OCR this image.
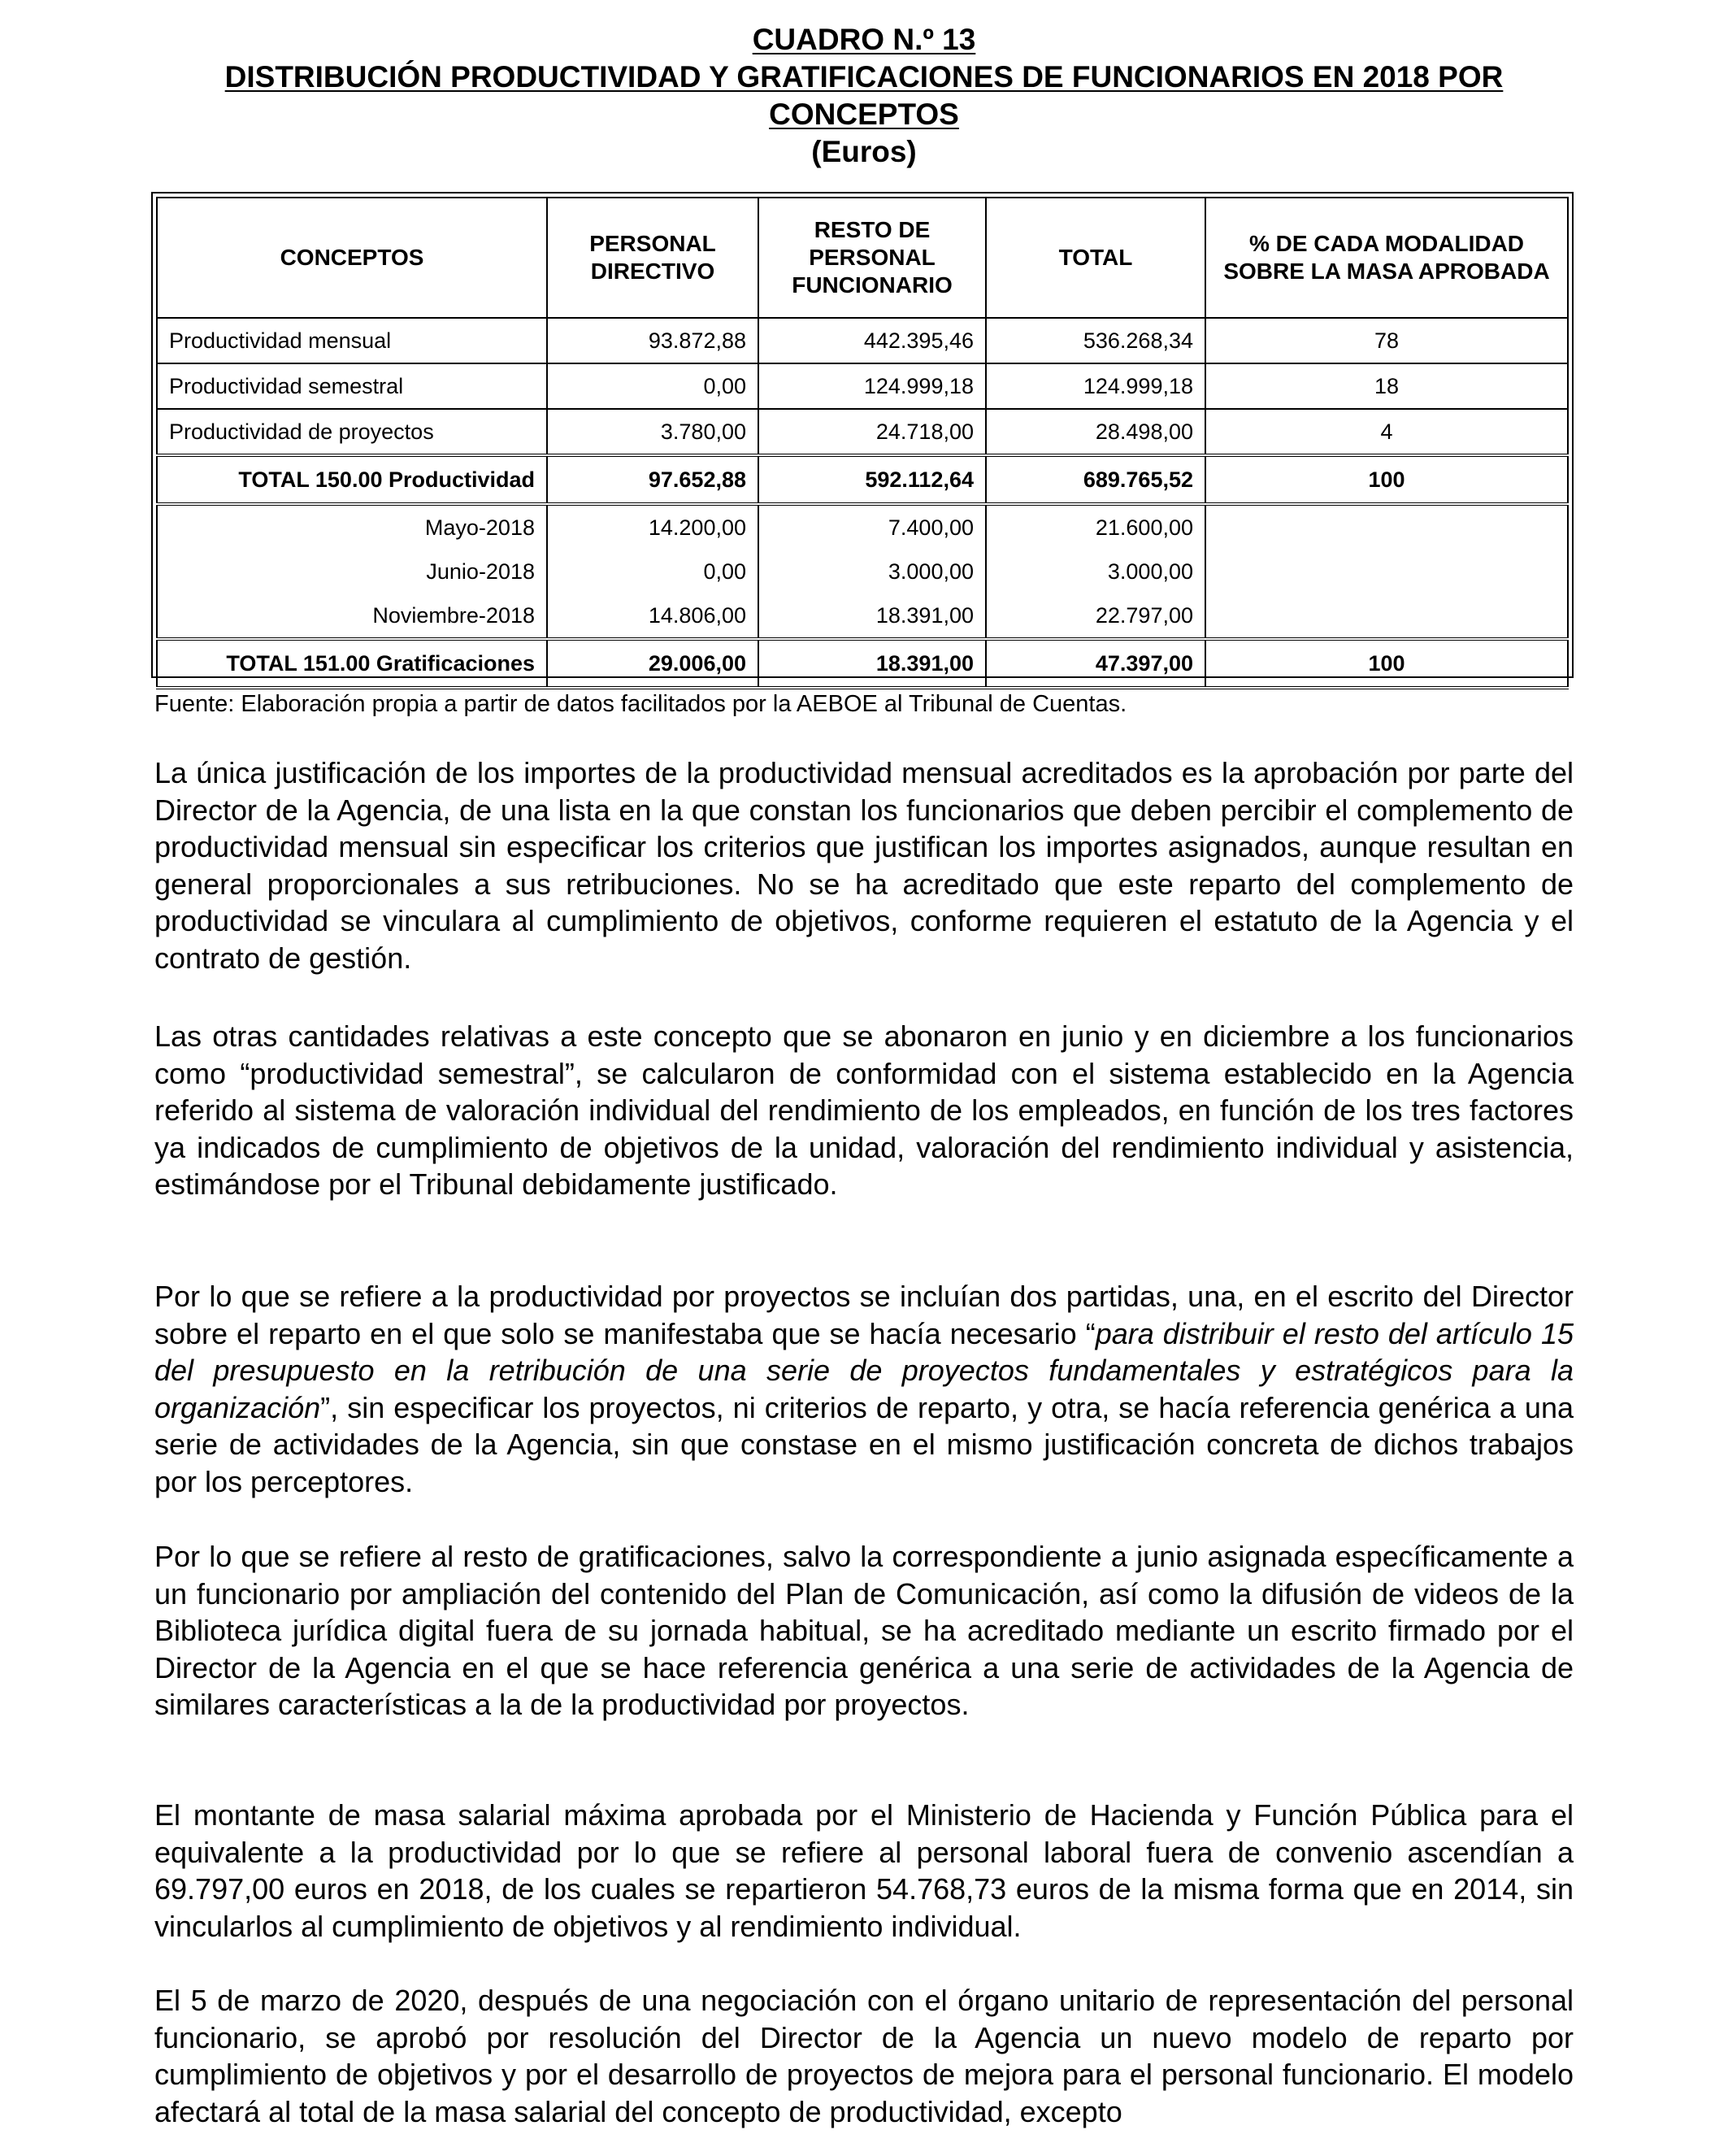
CUADRO N.º 13
DISTRIBUCIÓN PRODUCTIVIDAD Y GRATIFICACIONES DE FUNCIONARIOS EN 2018 POR
CONCEPTOS
(Euros)
CONCEPTOS	PERSONAL DIRECTIVO	RESTO DE PERSONAL FUNCIONARIO	TOTAL	% DE CADA MODALIDAD SOBRE LA MASA APROBADA
Productividad mensual	93.872,88	442.395,46	536.268,34	78
Productividad semestral	0,00	124.999,18	124.999,18	18
Productividad de proyectos	3.780,00	24.718,00	28.498,00	4
TOTAL 150.00 Productividad	97.652,88	592.112,64	689.765,52	100
Mayo-2018	14.200,00	7.400,00	21.600,00	
Junio-2018	0,00	3.000,00	3.000,00	
Noviembre-2018	14.806,00	18.391,00	22.797,00	
TOTAL 151.00 Gratificaciones	29.006,00	18.391,00	47.397,00	100
Fuente: Elaboración propia a partir de datos facilitados por la AEBOE al Tribunal de Cuentas.

La única justificación de los importes de la productividad mensual acreditados es la aprobación por parte del Director de la Agencia, de una lista en la que constan los funcionarios que deben percibir el complemento de productividad mensual sin especificar los criterios que justifican los importes asignados, aunque resultan en general proporcionales a sus retribuciones. No se ha acreditado que este reparto del complemento de productividad se vinculara al cumplimiento de objetivos, conforme requieren el estatuto de la Agencia y el contrato de gestión.

Las otras cantidades relativas a este concepto que se abonaron en junio y en diciembre a los funcionarios como “productividad semestral”, se calcularon de conformidad con el sistema establecido en la Agencia referido al sistema de valoración individual del rendimiento de los empleados, en función de los tres factores ya indicados de cumplimiento de objetivos de la unidad, valoración del rendimiento individual y asistencia, estimándose por el Tribunal debidamente justificado.

Por lo que se refiere a la productividad por proyectos se incluían dos partidas, una, en el escrito del Director sobre el reparto en el que solo se manifestaba que se hacía necesario “para distribuir el resto del artículo 15 del presupuesto en la retribución de una serie de proyectos fundamentales y estratégicos para la organización”, sin especificar los proyectos, ni criterios de reparto, y otra, se hacía referencia genérica a una serie de actividades de la Agencia, sin que constase en el mismo justificación concreta de dichos trabajos por los perceptores.

Por lo que se refiere al resto de gratificaciones, salvo la correspondiente a junio asignada específicamente a un funcionario por ampliación del contenido del Plan de Comunicación, así como la difusión de videos de la Biblioteca jurídica digital fuera de su jornada habitual, se ha acreditado mediante un escrito firmado por el Director de la Agencia en el que se hace referencia genérica a una serie de actividades de la Agencia de similares características a la de la productividad por proyectos.

El montante de masa salarial máxima aprobada por el Ministerio de Hacienda y Función Pública para el equivalente a la productividad por lo que se refiere al personal laboral fuera de convenio ascendían a 69.797,00 euros en 2018, de los cuales se repartieron 54.768,73 euros de la misma forma que en 2014, sin vincularlos al cumplimiento de objetivos y al rendimiento individual.

El 5 de marzo de 2020, después de una negociación con el órgano unitario de representación del personal funcionario, se aprobó por resolución del Director de la Agencia un nuevo modelo de reparto por cumplimiento de objetivos y por el desarrollo de proyectos de mejora para el personal funcionario. El modelo afectará al total de la masa salarial del concepto de productividad, excepto
